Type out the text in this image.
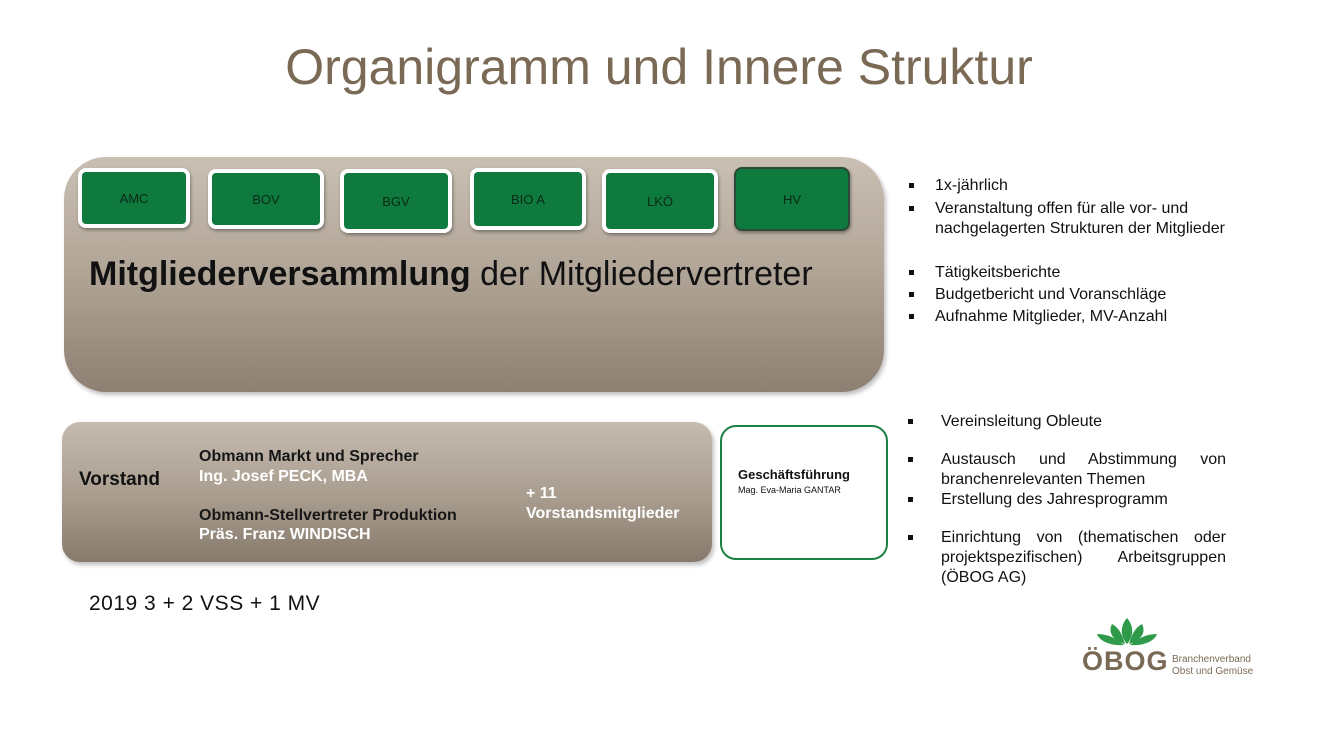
Organigramm und Innere Struktur
AMC	BOV	BGV	BIO A	LKÖ	HV
Mitgliederversammlung der Mitgliedervertreter
1x-jährlich
Veranstaltung offen für alle vor- und nachgelagerten Strukturen der Mitglieder
Tätigkeitsberichte
Budgetbericht und Voranschläge
Aufnahme Mitglieder, MV-Anzahl
Vorstand
Obmann Markt und Sprecher
Ing. Josef PECK, MBA
Obmann-Stellvertreter Produktion
Präs. Franz WINDISCH
+ 11
Vorstandsmitglieder
Geschäftsführung
Mag. Eva-Maria GANTAR
Vereinsleitung Obleute
Austausch und Abstimmung von branchenrelevanten Themen
Erstellung des Jahresprogramm
Einrichtung von (thematischen oder projektspezifischen) Arbeitsgruppen (ÖBOG AG)
2019 3 + 2 VSS + 1 MV
ÖBOG Branchenverband
Obst und Gemüse
